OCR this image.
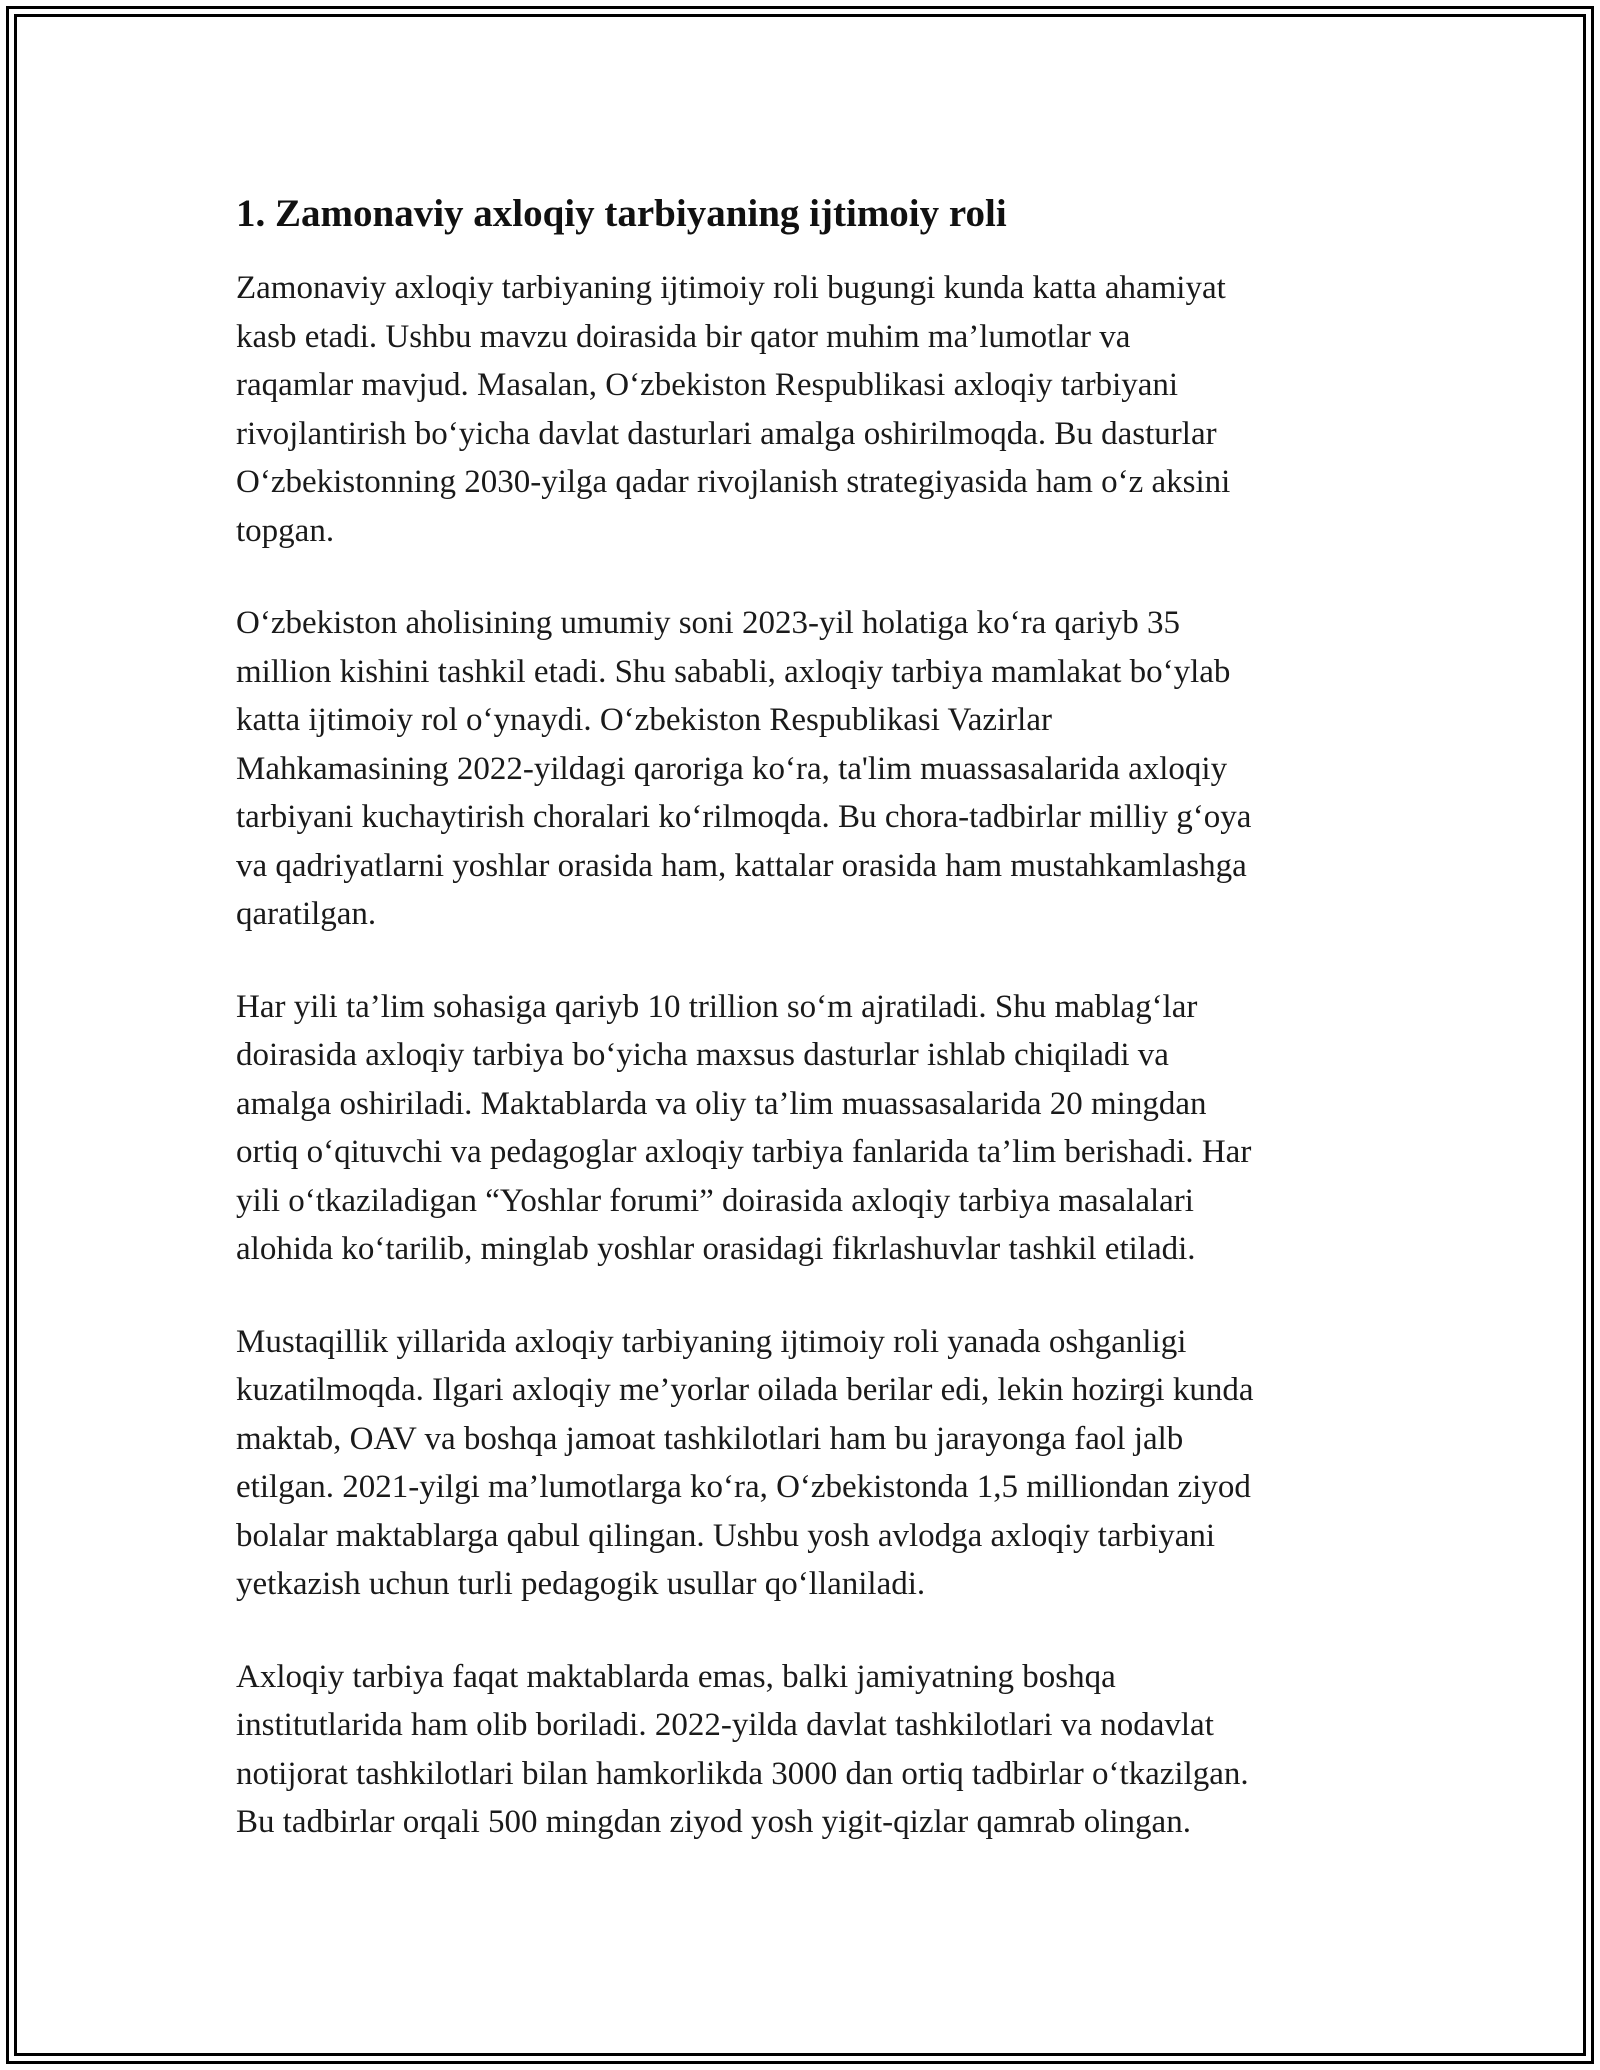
1. Zamonaviy axloqiy tarbiyaning ijtimoiy roli

Zamonaviy axloqiy tarbiyaning ijtimoiy roli bugungi kunda katta ahamiyat
kasb etadi. Ushbu mavzu doirasida bir qator muhim ma’lumotlar va
raqamlar mavjud. Masalan, O‘zbekiston Respublikasi axloqiy tarbiyani
rivojlantirish bo‘yicha davlat dasturlari amalga oshirilmoqda. Bu dasturlar
O‘zbekistonning 2030-yilga qadar rivojlanish strategiyasida ham o‘z aksini
topgan.

O‘zbekiston aholisining umumiy soni 2023-yil holatiga ko‘ra qariyb 35
million kishini tashkil etadi. Shu sababli, axloqiy tarbiya mamlakat bo‘ylab
katta ijtimoiy rol o‘ynaydi. O‘zbekiston Respublikasi Vazirlar
Mahkamasining 2022-yildagi qaroriga ko‘ra, ta'lim muassasalarida axloqiy
tarbiyani kuchaytirish choralari ko‘rilmoqda. Bu chora-tadbirlar milliy g‘oya
va qadriyatlarni yoshlar orasida ham, kattalar orasida ham mustahkamlashga
qaratilgan.

Har yili ta’lim sohasiga qariyb 10 trillion so‘m ajratiladi. Shu mablag‘lar
doirasida axloqiy tarbiya bo‘yicha maxsus dasturlar ishlab chiqiladi va
amalga oshiriladi. Maktablarda va oliy ta’lim muassasalarida 20 mingdan
ortiq o‘qituvchi va pedagoglar axloqiy tarbiya fanlarida ta’lim berishadi. Har
yili o‘tkaziladigan “Yoshlar forumi” doirasida axloqiy tarbiya masalalari
alohida ko‘tarilib, minglab yoshlar orasidagi fikrlashuvlar tashkil etiladi.

Mustaqillik yillarida axloqiy tarbiyaning ijtimoiy roli yanada oshganligi
kuzatilmoqda. Ilgari axloqiy me’yorlar oilada berilar edi, lekin hozirgi kunda
maktab, OAV va boshqa jamoat tashkilotlari ham bu jarayonga faol jalb
etilgan. 2021-yilgi ma’lumotlarga ko‘ra, O‘zbekistonda 1,5 milliondan ziyod
bolalar maktablarga qabul qilingan. Ushbu yosh avlodga axloqiy tarbiyani
yetkazish uchun turli pedagogik usullar qo‘llaniladi.

Axloqiy tarbiya faqat maktablarda emas, balki jamiyatning boshqa
institutlarida ham olib boriladi. 2022-yilda davlat tashkilotlari va nodavlat
notijorat tashkilotlari bilan hamkorlikda 3000 dan ortiq tadbirlar o‘tkazilgan.
Bu tadbirlar orqali 500 mingdan ziyod yosh yigit-qizlar qamrab olingan.
